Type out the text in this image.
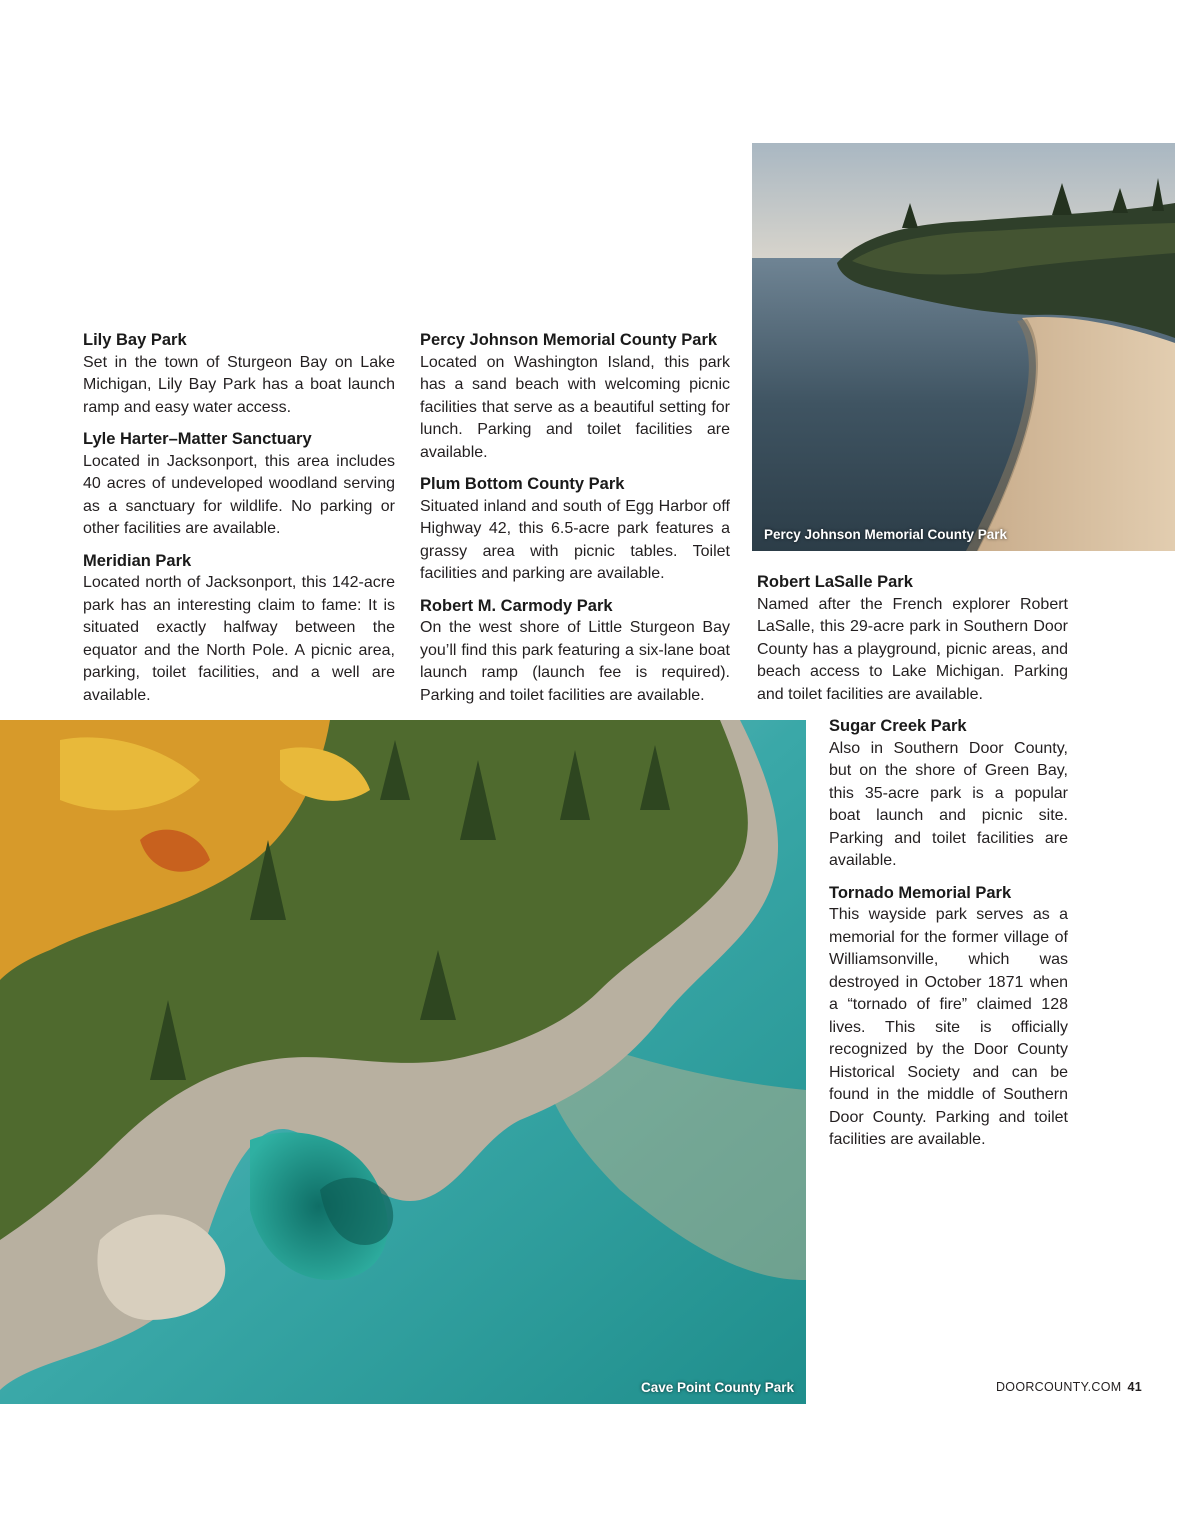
Percy Johnson Memorial County Park
Lily Bay Park

Set in the town of Sturgeon Bay on Lake Michigan, Lily Bay Park has a boat launch ramp and easy water access.

Lyle Harter–Matter Sanctuary

Located in Jacksonport, this area includes 40 acres of undeveloped woodland serving as a sanctuary for wildlife. No parking or other facilities are available.

Meridian Park

Located north of Jacksonport, this 142-acre park has an interesting claim to fame: It is situated exactly halfway between the equator and the North Pole. A picnic area, parking, toilet facilities, and a well are available.

Percy Johnson Memorial County Park

Located on Washington Island, this park has a sand beach with welcoming picnic facilities that serve as a beautiful setting for lunch. Parking and toilet facilities are available.

Plum Bottom County Park

Situated inland and south of Egg Harbor off Highway 42, this 6.5-acre park features a grassy area with picnic tables. Toilet facilities and parking are available.

Robert M. Carmody Park

On the west shore of Little Sturgeon Bay you’ll find this park featuring a six-lane boat launch ramp (launch fee is required). Parking and toilet facilities are available.

Robert LaSalle Park

Named after the French explorer Robert LaSalle, this 29-acre park in Southern Door County has a playground, picnic areas, and beach access to Lake Michigan. Parking and toilet facilities are available.

Sugar Creek Park

Also in Southern Door County, but on the shore of Green Bay, this 35-acre park is a popular boat launch and picnic site. Parking and toilet facilities are available.

Tornado Memorial Park

This wayside park serves as a memorial for the former village of Williamsonville, which was destroyed in October 1871 when a “tornado of fire” claimed 128 lives. This site is officially recognized by the Door County Historical Society and can be found in the middle of Southern Door County. Parking and toilet facilities are available.

Cave Point County Park	DOORCOUNTY.COM 41
